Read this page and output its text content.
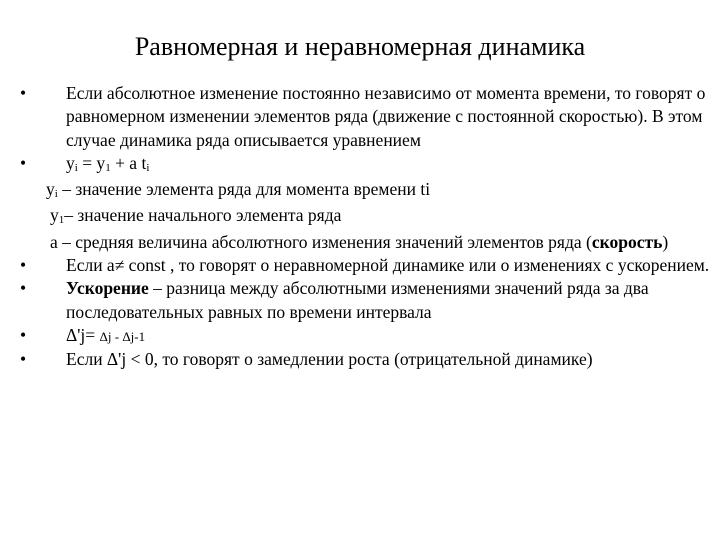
Равномерная и неравномерная динамика
• Если абсолютное изменение постоянно независимо от момента времени, то говорят о равномерном изменении элементов ряда (движение с постоянной скоростью). В этом случае динамика ряда описывается уравнением
• yi = y1 + a ti
yi – значение элемента ряда для момента времени ti
y1– значение начального элемента ряда
a – средняя величина абсолютного изменения значений элементов ряда (скорость)
• Если a≠ const , то говорят о неравномерной динамике или о изменениях с ускорением.
• Ускорение – разница между абсолютными изменениями значений ряда за два последовательных равных по времени интервала
• Δ'j= Δj - Δj-1
• Если Δ'j < 0, то говорят о замедлении роста (отрицательной динамике)
